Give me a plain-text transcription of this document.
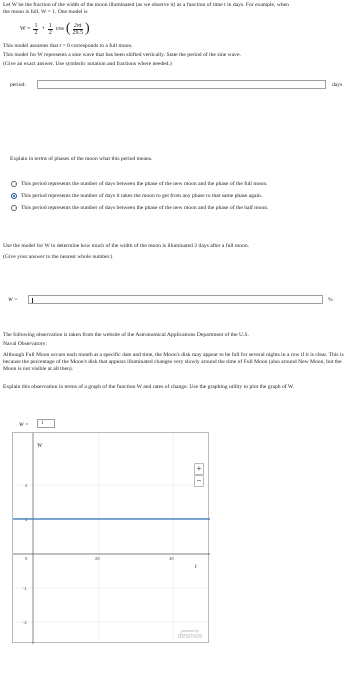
Let W be the fraction of the width of the moon illuminated (as we observe it) as a function of time t in days. For example, when
the moon is full, W = 1. One model is
$W = \frac{1}{2} + \frac{1}{2}$ cos ( 2πt
29.5 )
This model assumes that t = 0 corresponds to a full moon.
This model for W represents a sine wave that has been shifted vertically. State the period of the sine wave.
(Give an exact answer. Use symbolic notation and fractions where needed.)
period:	days
Explain in terms of phases of the moon what this period means.
This period represents the number of days between the phase of the new moon and the phase of the full moon.
This period represents the number of days it takes the moon to get from any phase to that same phase again.
This period represents the number of days between the phase of the new moon and the phase of the half moon.
Use the model for W to determine how much of the width of the moon is illuminated 2 days after a full moon.
(Give your answer to the nearest whole number.)
W =	%
The following observation is taken from the website of the Astronomical Applications Department of the U.S.
Naval Observatory:
Although Full Moon occurs each month at a specific date and time, the Moon's disk may appear to be full for several nights in a row if it is clear. This is because the percentage of the Moon's disk that appears illuminated changes very slowly around the time of Full Moon (also around New Moon, but the Moon is not visible at all then).
Explain this observation in terms of a graph of the function W and rates of change. Use the graphing utility to plot the graph of W.
W =	1
W
t
2
1
0
-1
-2
20	40
+
−
powered by
desmos
